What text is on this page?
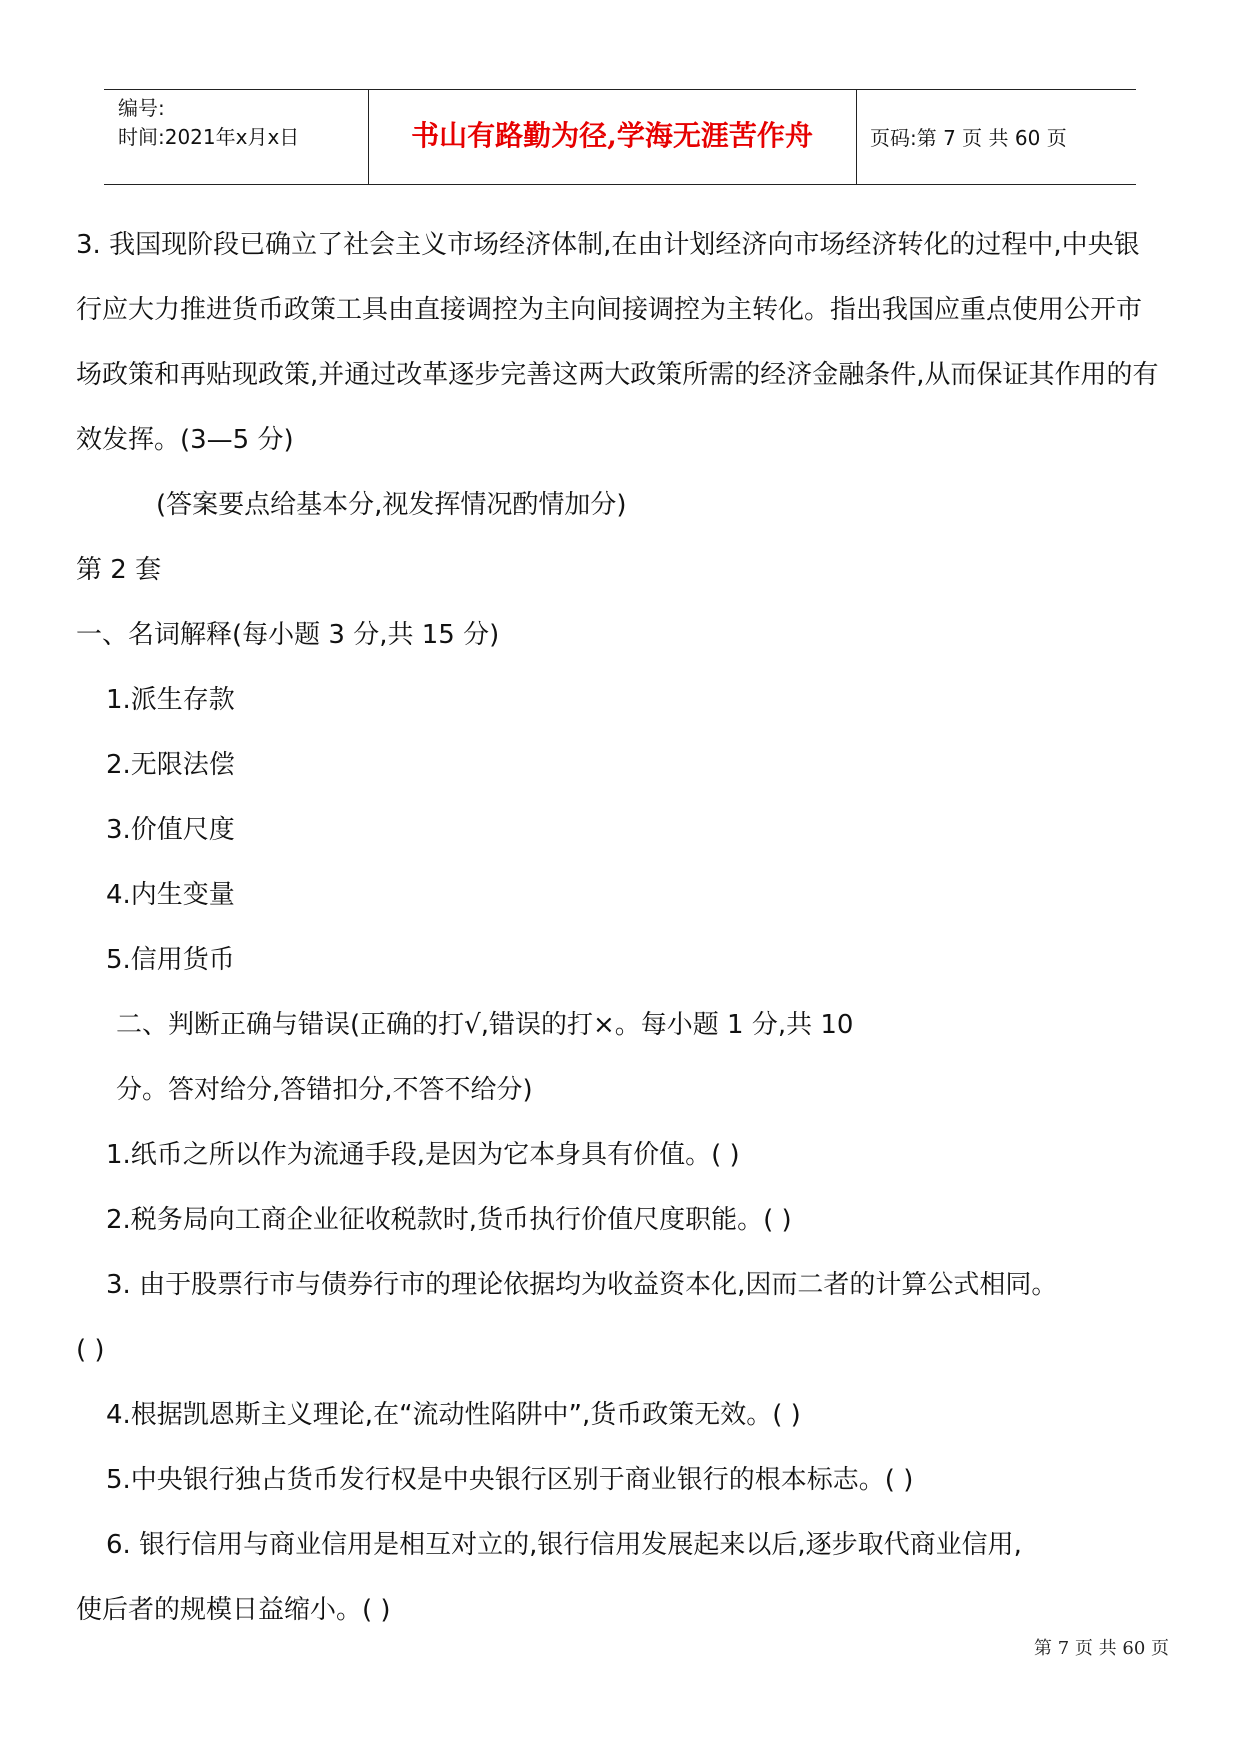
编号:
时间:2021年x月x日	书山有路勤为径,学海无涯苦作舟	页码:第 7 页 共 60 页

3. 我国现阶段已确立了社会主义市场经济体制,在由计划经济向市场经济转化的过程中,中央银行应大力推进货币政策工具由直接调控为主向间接调控为主转化。指出我国应重点使用公开市场政策和再贴现政策,并通过改革逐步完善这两大政策所需的经济金融条件,从而保证其作用的有效发挥。(3—5 分)

(答案要点给基本分,视发挥情况酌情加分)

第 2 套

一、名词解释(每小题 3 分,共 15 分)

1.派生存款

2.无限法偿

3.价值尺度

4.内生变量

5.信用货币

二、判断正确与错误(正确的打√,错误的打×。每小题 1 分,共 10

分。答对给分,答错扣分,不答不给分)

1.纸币之所以作为流通手段,是因为它本身具有价值。( )

2.税务局向工商企业征收税款时,货币执行价值尺度职能。( )

3. 由于股票行市与债券行市的理论依据均为收益资本化,因而二者的计算公式相同。

( )

4.根据凯恩斯主义理论,在“流动性陷阱中”,货币政策无效。( )

5.中央银行独占货币发行权是中央银行区别于商业银行的根本标志。( )

6. 银行信用与商业信用是相互对立的,银行信用发展起来以后,逐步取代商业信用,

使后者的规模日益缩小。( )

第 7 页 共 60 页
